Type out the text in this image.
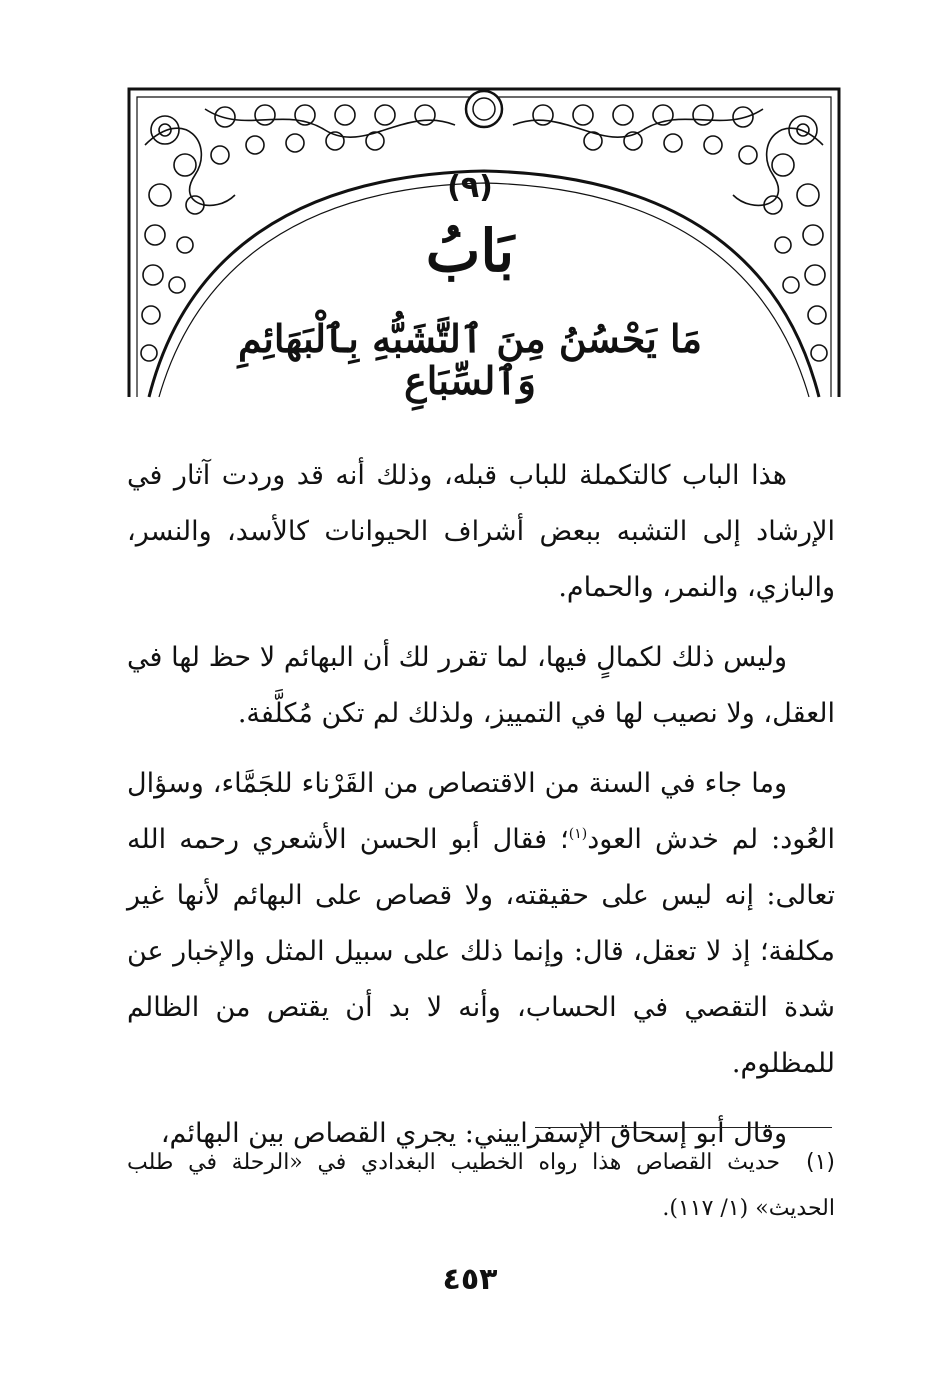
(٩)
بَابُ
مَا يَحْسُنُ مِنَ ٱلتَّشَبُّهِ بِٱلْبَهَائِمِ وَٱلسِّبَاعِ

هذا الباب كالتكملة للباب قبله، وذلك أنه قد وردت آثار في الإرشاد إلى التشبه ببعض أشراف الحيوانات كالأسد، والنسر، والبازي، والنمر، والحمام.

وليس ذلك لكمالٍ فيها، لما تقرر لك أن البهائم لا حظ لها في العقل، ولا نصيب لها في التمييز، ولذلك لم تكن مُكلَّفة.

وما جاء في السنة من الاقتصاص من القَرْناء للجَمَّاء، وسؤال العُود: لم خدش العود$^{(١)}$؛ فقال أبو الحسن الأشعري رحمه الله تعالى: إنه ليس على حقيقته، ولا قصاص على البهائم لأنها غير مكلفة؛ إذ لا تعقل، قال: وإنما ذلك على سبيل المثل والإخبار عن شدة التقصي في الحساب، وأنه لا بد أن يقتص من الظالم للمظلوم.

وقال أبو إسحاق الإسفراييني: يجري القصاص بين البهائم،

(١)حديث القصاص هذا رواه الخطيب البغدادي في «الرحلة في طلب الحديث» (١/ ١١٧).
٤٥٣
